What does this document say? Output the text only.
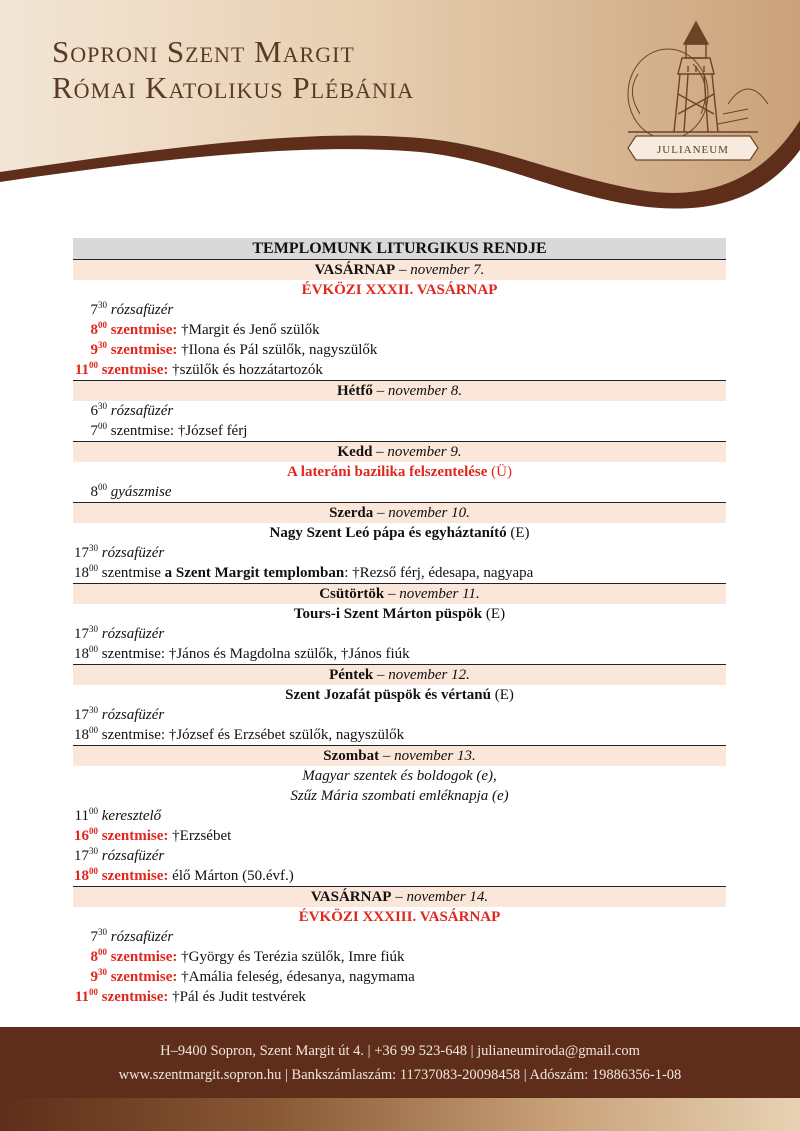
Soproni Szent Margit
Római Katolikus Plébánia
JULIANEUM
TEMPLOMUNK LITURGIKUS RENDJE
VASÁRNAP – november 7.
ÉVKÖZI XXXII. VASÁRNAP
$7^{30}$ rózsafüzér
$8^{00}$ szentmise: †Margit és Jenő szülők
$9^{30}$ szentmise: †Ilona és Pál szülők, nagyszülők
$11^{00}$ szentmise: †szülők és hozzátartozók
Hétfő – november 8.
$6^{30}$ rózsafüzér
$7^{00}$ szentmise: †József férj
Kedd – november 9.
A lateráni bazilika felszentelése (Ü)
$8^{00}$ gyászmise
Szerda – november 10.
Nagy Szent Leó pápa és egyháztanító (E)
$17^{30}$ rózsafüzér
$18^{00}$ szentmise a Szent Margit templomban: †Rezső férj, édesapa, nagyapa
Csütörtök – november 11.
Tours-i Szent Márton püspök (E)
$17^{30}$ rózsafüzér
$18^{00}$ szentmise: †János és Magdolna szülők, †János fiúk
Péntek – november 12.
Szent Jozafát püspök és vértanú (E)
$17^{30}$ rózsafüzér
$18^{00}$ szentmise: †József és Erzsébet szülők, nagyszülők
Szombat – november 13.
Magyar szentek és boldogok (e),
Szűz Mária szombati emléknapja (e)
$11^{00}$ keresztelő
$16^{00}$ szentmise: †Erzsébet
$17^{30}$ rózsafüzér
$18^{00}$ szentmise: élő Márton (50.évf.)
VASÁRNAP – november 14.
ÉVKÖZI XXXIII. VASÁRNAP
$7^{30}$ rózsafüzér
$8^{00}$ szentmise: †György és Terézia szülők, Imre fiúk
$9^{30}$ szentmise: †Amália feleség, édesanya, nagymama
$11^{00}$ szentmise: †Pál és Judit testvérek
H–9400 Sopron, Szent Margit út 4. | +36 99 523-648 | julianeumiroda@gmail.com
www.szentmargit.sopron.hu | Bankszámlaszám: 11737083-20098458 | Adószám: 19886356-1-08
